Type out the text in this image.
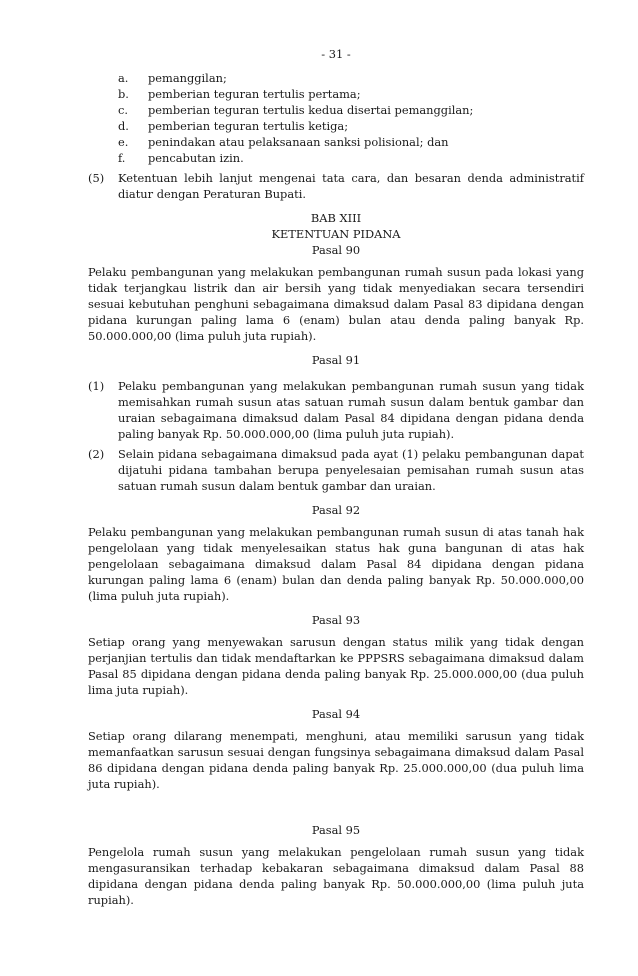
- 31 -
a.	pemanggilan;
b.	pemberian teguran tertulis pertama;
c.	pemberian teguran tertulis kedua disertai pemanggilan;
d.	pemberian teguran tertulis ketiga;
e.	penindakan atau pelaksanaan sanksi polisional; dan
f.	pencabutan izin.
(5)	Ketentuan lebih lanjut mengenai tata cara, dan besaran denda administratif diatur dengan Peraturan Bupati.
BAB XIII
KETENTUAN PIDANA
Pasal 90

Pelaku pembangunan yang melakukan pembangunan rumah susun pada lokasi yang tidak terjangkau listrik dan air bersih yang tidak menyediakan secara tersendiri sesuai kebutuhan penghuni sebagaimana dimaksud dalam Pasal 83 dipidana dengan pidana kurungan paling lama 6 (enam) bulan atau denda paling banyak Rp. 50.000.000,00 (lima puluh juta rupiah).

Pasal 91
(1)	Pelaku pembangunan yang melakukan pembangunan rumah susun yang tidak memisahkan rumah susun atas satuan rumah susun dalam bentuk gambar dan uraian sebagaimana dimaksud dalam Pasal 84 dipidana dengan pidana denda paling banyak Rp. 50.000.000,00 (lima puluh juta rupiah).
(2)	Selain pidana sebagaimana dimaksud pada ayat (1) pelaku pembangunan dapat dijatuhi pidana tambahan berupa penyelesaian pemisahan rumah susun atas satuan rumah susun dalam bentuk gambar dan uraian.
Pasal 92

Pelaku pembangunan yang melakukan pembangunan rumah susun di atas tanah hak pengelolaan yang tidak menyelesaikan status hak guna bangunan di atas hak pengelolaan sebagaimana dimaksud dalam Pasal 84 dipidana dengan pidana kurungan paling lama 6 (enam) bulan dan denda paling banyak Rp. 50.000.000,00 (lima puluh juta rupiah).

Pasal 93

Setiap orang yang menyewakan sarusun dengan status milik yang tidak dengan perjanjian tertulis dan tidak mendaftarkan ke PPPSRS sebagaimana dimaksud dalam Pasal 85 dipidana dengan pidana denda paling banyak Rp. 25.000.000,00 (dua puluh lima juta rupiah).

Pasal 94

Setiap orang dilarang menempati, menghuni, atau memiliki sarusun yang tidak memanfaatkan sarusun sesuai dengan fungsinya sebagaimana dimaksud dalam Pasal 86 dipidana dengan pidana denda paling banyak Rp. 25.000.000,00 (dua puluh lima juta rupiah).

Pasal 95

Pengelola rumah susun yang melakukan pengelolaan rumah susun yang tidak mengasuransikan terhadap kebakaran sebagaimana dimaksud dalam Pasal 88 dipidana dengan pidana denda paling banyak Rp. 50.000.000,00 (lima puluh juta rupiah).
